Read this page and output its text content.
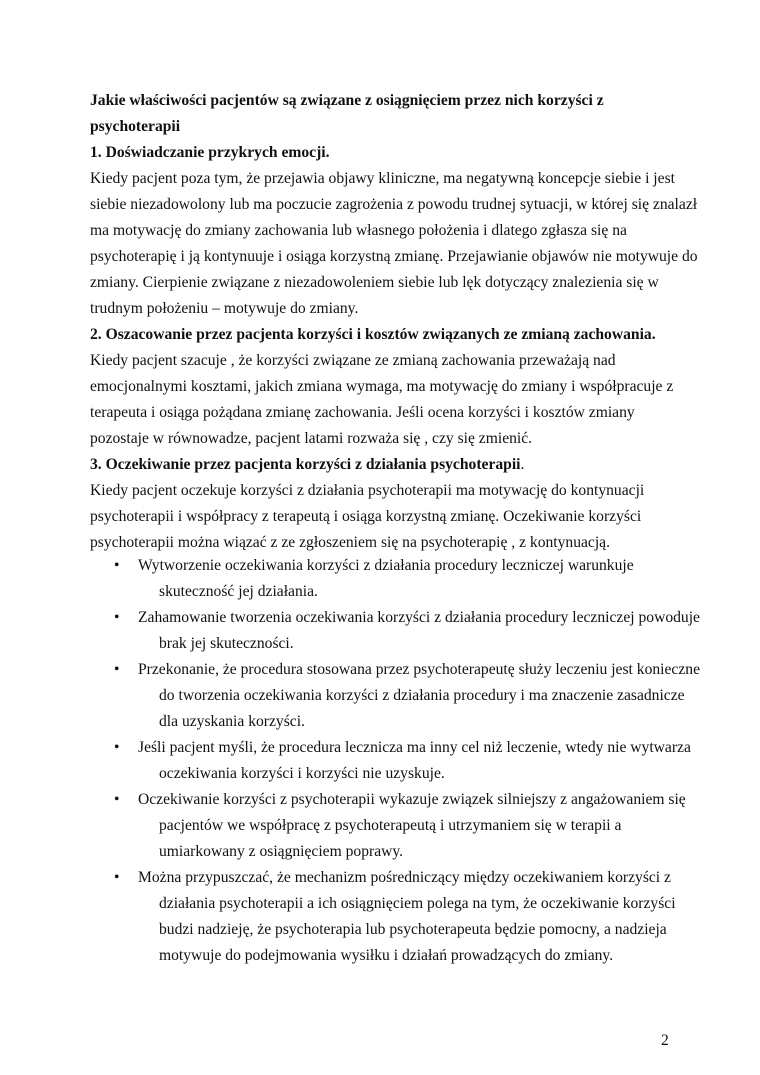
Jakie właściwości pacjentów są związane z osiągnięciem przez nich korzyści z
psychoterapii
1. Doświadczanie przykrych emocji.
Kiedy pacjent poza tym, że przejawia objawy kliniczne, ma negatywną koncepcje siebie i jest
siebie niezadowolony lub ma poczucie zagrożenia z powodu trudnej sytuacji, w której się znalazł
ma motywację do zmiany zachowania lub własnego położenia i dlatego zgłasza się na
psychoterapię i ją kontynuuje i osiąga korzystną zmianę. Przejawianie objawów nie motywuje do
zmiany. Cierpienie związane z niezadowoleniem siebie lub lęk dotyczący znalezienia się w
trudnym położeniu – motywuje do zmiany.
2. Oszacowanie przez pacjenta korzyści i kosztów związanych ze zmianą zachowania.
Kiedy pacjent szacuje , że korzyści związane ze zmianą zachowania przeważają nad
emocjonalnymi kosztami, jakich zmiana wymaga, ma motywację do zmiany i współpracuje z
terapeuta i osiąga pożądana zmianę zachowania. Jeśli ocena korzyści i kosztów zmiany
pozostaje w równowadze, pacjent latami rozważa się , czy się zmienić.
3. Oczekiwanie przez pacjenta korzyści z działania psychoterapii.
Kiedy pacjent oczekuje korzyści z działania psychoterapii ma motywację do kontynuacji
psychoterapii i współpracy z terapeutą i osiąga korzystną zmianę. Oczekiwanie korzyści
psychoterapii można wiązać z ze zgłoszeniem się na psychoterapię , z kontynuacją.
• Wytworzenie oczekiwania korzyści z działania procedury leczniczej warunkuje
skuteczność jej działania.
• Zahamowanie tworzenia oczekiwania korzyści z działania procedury leczniczej powoduje
brak jej skuteczności.
• Przekonanie, że procedura stosowana przez psychoterapeutę służy leczeniu jest konieczne
do tworzenia oczekiwania korzyści z działania procedury i ma znaczenie zasadnicze
dla uzyskania korzyści.
• Jeśli pacjent myśli, że procedura lecznicza ma inny cel niż leczenie, wtedy nie wytwarza
oczekiwania korzyści i korzyści nie uzyskuje.
• Oczekiwanie korzyści z psychoterapii wykazuje związek silniejszy z angażowaniem się
pacjentów we współpracę z psychoterapeutą i utrzymaniem się w terapii a
umiarkowany z osiągnięciem poprawy.
• Można przypuszczać, że mechanizm pośredniczący między oczekiwaniem korzyści z
działania psychoterapii a ich osiągnięciem polega na tym, że oczekiwanie korzyści
budzi nadzieję, że psychoterapia lub psychoterapeuta będzie pomocny, a nadzieja
motywuje do podejmowania wysiłku i działań prowadzących do zmiany.
2
